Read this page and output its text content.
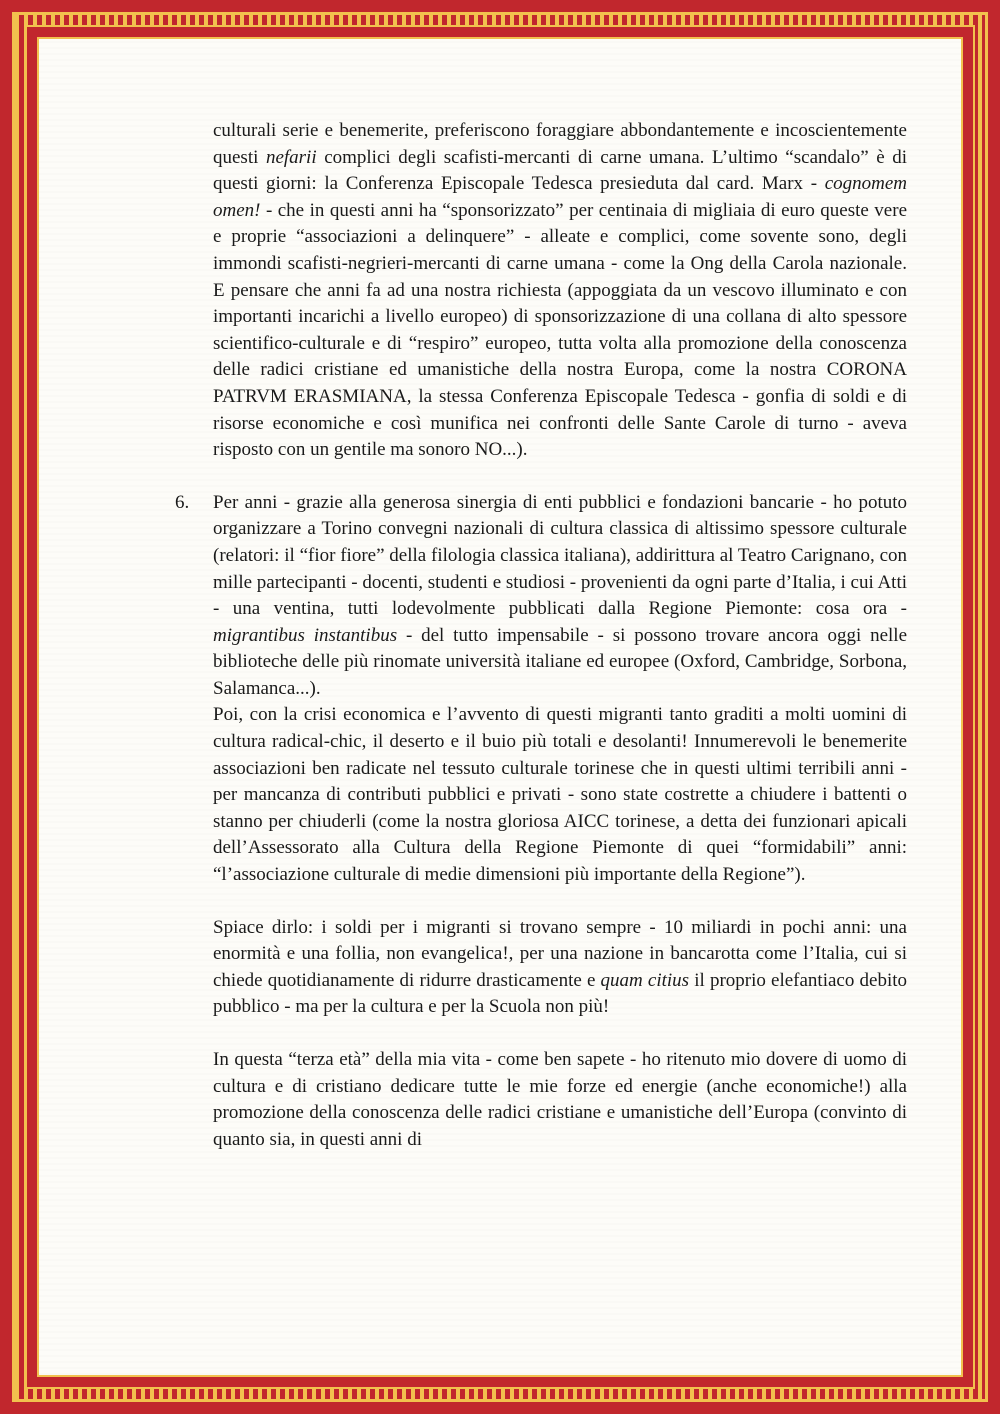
culturali serie e benemerite, preferiscono foraggiare abbondantemente e incoscientemente questi nefarii complici degli scafisti-mercanti di carne umana. L’ultimo “scandalo” è di questi giorni: la Conferenza Episcopale Tedesca presieduta dal card. Marx - cognomem omen! - che in questi anni ha “sponsorizzato” per centinaia di migliaia di euro queste vere e proprie “associazioni a delinquere” - alleate e complici, come sovente sono, degli immondi scafisti-negrieri-mercanti di carne umana - come la Ong della Carola nazionale. E pensare che anni fa ad una nostra richiesta (appoggiata da un vescovo illuminato e con importanti incarichi a livello europeo) di sponsorizzazione di una collana di alto spessore scientifico-culturale e di “respiro” europeo, tutta volta alla promozione della conoscenza delle radici cristiane ed umanistiche della nostra Europa, come la nostra CORONA PATRVM ERASMIANA, la stessa Conferenza Episcopale Tedesca - gonfia di soldi e di risorse economiche e così munifica nei confronti delle Sante Carole di turno - aveva risposto con un gentile ma sonoro NO...).

6. Per anni - grazie alla generosa sinergia di enti pubblici e fondazioni bancarie - ho potuto organizzare a Torino convegni nazionali di cultura classica di altissimo spessore culturale (relatori: il “fior fiore” della filologia classica italiana), addirittura al Teatro Carignano, con mille partecipanti - docenti, studenti e studiosi - provenienti da ogni parte d’Italia, i cui Atti - una ventina, tutti lodevolmente pubblicati dalla Regione Piemonte: cosa ora - migrantibus instantibus - del tutto impensabile - si possono trovare ancora oggi nelle biblioteche delle più rinomate università italiane ed europee (Oxford, Cambridge, Sorbona, Salamanca...).

Poi, con la crisi economica e l’avvento di questi migranti tanto graditi a molti uomini di cultura radical-chic, il deserto e il buio più totali e desolanti! Innumerevoli le benemerite associazioni ben radicate nel tessuto culturale torinese che in questi ultimi terribili anni - per mancanza di contributi pubblici e privati - sono state costrette a chiudere i battenti o stanno per chiuderli (come la nostra gloriosa AICC torinese, a detta dei funzionari apicali dell’Assessorato alla Cultura della Regione Piemonte di quei “formidabili” anni: “l’associazione culturale di medie dimensioni più importante della Regione”).

Spiace dirlo: i soldi per i migranti si trovano sempre - 10 miliardi in pochi anni: una enormità e una follia, non evangelica!, per una nazione in bancarotta come l’Italia, cui si chiede quotidianamente di ridurre drasticamente e quam citius il proprio elefantiaco debito pubblico - ma per la cultura e per la Scuola non più!

In questa “terza età” della mia vita - come ben sapete - ho ritenuto mio dovere di uomo di cultura e di cristiano dedicare tutte le mie forze ed energie (anche economiche!) alla promozione della conoscenza delle radici cristiane e umanistiche dell’Europa (convinto di quanto sia, in questi anni di
